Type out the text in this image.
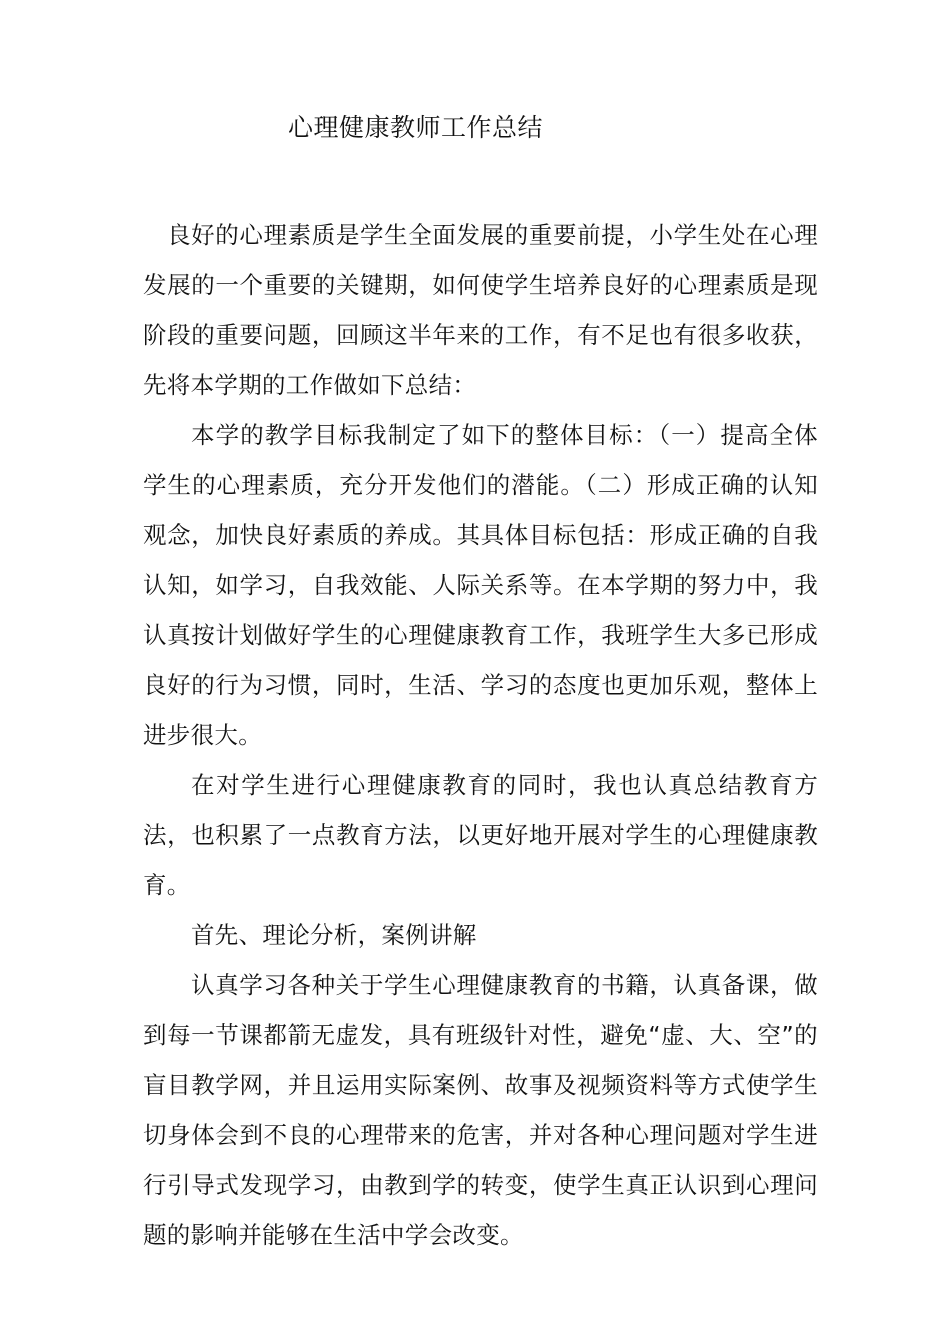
心理健康教师工作总结

良好的心理素质是学生全面发展的重要前提，小学生处在心理发展的一个重要的关键期，如何使学生培养良好的心理素质是现阶段的重要问题，回顾这半年来的工作，有不足也有很多收获，先将本学期的工作做如下总结：

本学的教学目标我制定了如下的整体目标：（一）提高全体学生的心理素质，充分开发他们的潜能。（二）形成正确的认知观念，加快良好素质的养成。其具体目标包括：形成正确的自我认知，如学习，自我效能、人际关系等。在本学期的努力中，我认真按计划做好学生的心理健康教育工作，我班学生大多已形成良好的行为习惯，同时，生活、学习的态度也更加乐观，整体上进步很大。

在对学生进行心理健康教育的同时，我也认真总结教育方法，也积累了一点教育方法，以更好地开展对学生的心理健康教育。

首先、理论分析，案例讲解

认真学习各种关于学生心理健康教育的书籍，认真备课，做到每一节课都箭无虚发，具有班级针对性，避免“虚、大、空”的盲目教学网，并且运用实际案例、故事及视频资料等方式使学生切身体会到不良的心理带来的危害，并对各种心理问题对学生进行引导式发现学习，由教到学的转变，使学生真正认识到心理问题的影响并能够在生活中学会改变。
